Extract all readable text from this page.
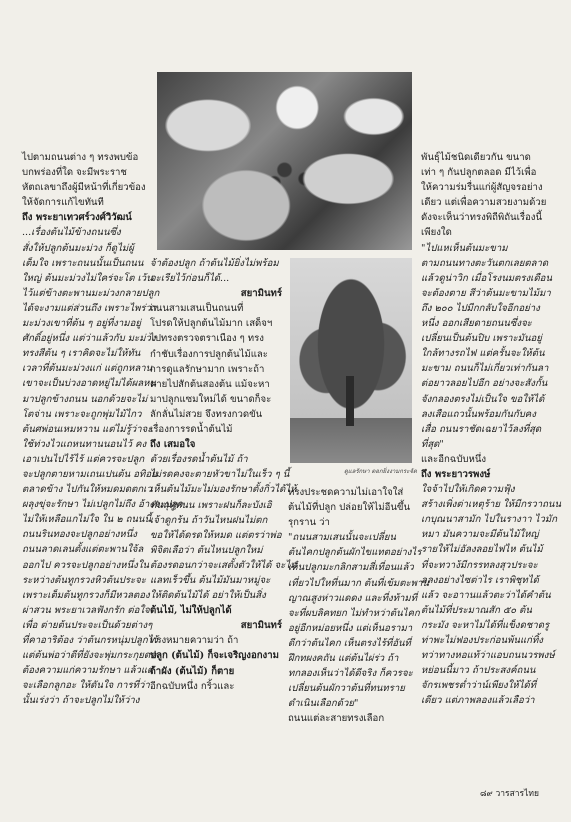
ดูแลรักษา ดอกยิ่งงามกระจัด
ไปตามถนนต่าง ๆ ทรงพบข้อ
บกพร่องที่ใด จะมีพระราช
หัตถเลขาถึงผู้มีหน้าที่เกี่ยวข้อง
ให้จัดการแก้ไขทันที
ถึง พระยาเทวศร์วงศ์วิวัฒน์
...เรื่องต้นไม้ข้างถนนซึ่ง
สั่งให้ปลูกต้นมะม่วง ก็ดูไม่ผู้
เต็มใจ เพราะถนนนั้นเป็นถนน
ใหญ่ ต้นมะม่วงไม่ใคร่จะโต เว้น
ไว้แต่ข้างตะพานมะม่วงกลายปลูก
ได้จะงามแต่ส่วนถึง เพราะไพร่ว่า
มะม่วงเขาที่ต้น ๆ อยู่ที่งามอยู่
ศักดิ์อยู่หนึ่ง แต่ว่าแล้วกับ มะม่วง
ทรงสีต้น ๆ เราคิดจะไม่ให้ทัน
เวลาที่ต้นมะม่วงแก่ แต่ถูกหลาน
เขาจะเป็นบ่วงอาดหยู่ไม่ได้ผลหน
มาปลูกข้างถนน นอกด้วยจะไม่
โตจ่าน เพราะจะถูกพุ่มไม้ไกว
ต้นศพ่อนเหมหวาน แต่ไม่รู้ว่าจะ
ใช้ท่วงไวแถหนทานนอนไว้ คง
เอาเปนไปไร้ไร้ แต่ควรจะปลูก
จะปลูกตายหามเถนเปนต้น อทิอย
ตลาดข้าง ไปกันให้หมดมดตกเว
ผลุงขุ่จะรักษา ไม่เปลูกไม่ถึง อ้างจะปลูก
ไม่ให้เหลือแกไม่ใจ ใน ๒ ถนนนี้
ถนนรินทองจะปลูกอย่างหนึ่ง
ถนนลาดเลนตั้งแต่ตะพานใจ้ล
ออกไป ควรจะปลูกอย่างหนึ่งใน
ระหว่างต้นทูกรวงหิวต้นประจะ
เพราะเต็มต้นทูกรวงก็มีหวลตอง
ผ่าสวน พระยาเวลฟังกรัก ต่อใจ
เพื่อ ต่ายต้นประจะเป็นด้วยต่างๆ
ที่คาอาริต้อง ว่าต้นกรหนุ่มปลูกไว้
แต่ต้นพ่อว่าดีที่ยังจะพุ่มกระกุยดด
ต้องความแก่ความรักษา แล้วแต่
จะเลือกลูกอะ ให้ดันใจ การที่ว่า
นั้นเร่งว่า ถ้าจะปลูกไม่ให้ว่าง
จ้าต้องปลูก ถ้าต้นไม้ยิ่งไม่พร้อม
จะเรียไว้ก่อนก็ได้...
สยามินทร์
ถนนสามเสนเป็นถนนที่
โปรดให้ปลูกต้นไม้มาก เสด็จฯ
ไปทรงตรวจตราเนือง ๆ ทรง
กำชับเรื่องการปลูกต้นไม้และ
การดูแลรักษามาก เพราะถ้า
ตายไปสักต้นสองต้น แม้จะหา
มาปลูกแซมใหม่ได้ ขนาดก็จะ
ลักลั่นไม่สวย จึงทรงกวดขัน
เรื่องการรดน้ำต้นไม้
ถึง เสมอใจ
ด้วยเรื่องรดน้ำต้นไม้ ถ้า
ไม่รดคงจะตายหัวขาไม่ในเร็ว ๆ นี้
เห็นต้นไม้มะไม่มองรักษาตั้งกิ่วได้ไห้
ทันถุทูหนน เพราะฝนก็ละบังเอิ
เจ้าดูกร้น ถ้าวันไหนฝนไม่ตก
ขอให้ได้ดรดให้หมด แต่ตรว่าพ่อ
พิจิตเลือว่า ต้นไหนปลูกใหม่
ต้องรดอนกว่าจะเสตั้งตัวให้ได้ จะไม่
แลทเร็วขึ้น ต้นไม้มันมาหมู่จะ
ให้ติดต้นไม้ได้ อย่าให้เป็นสิ่ง
ต้นไม้, ไม่ให้ปลูกได้
สยามินทร์
ทรงหมายความว่า ถ้า
ปลูก (ต้นไม้) ก็จะเจริญงอกงาม
ถ้าผัง (ต้นไม้) ก็ตาย
อีกฉบับหนึ่ง กริ้วและ
ทรงประชดความไม่เอาใจใส่
ต้นไม้ที่ปลูก ปล่อยให้ไม่อีนขึ้น
รุกราน ว่า
"ถนนสามเสนนั้นจะเปลี่ยน
ต้นไคกปลูกต้นผักไขแทตอย่างไร
เห็นปลูกมะกลิกสามสี่เที่อนแล้ว
เที่ยวไปใหที่นมาก ต้นที่เข้มตะพาน
ญาณสูงห่าวแดดง และที่งท้ามที่
จะที่ผบลิคทยก ไม่ทำหว่าต้นไคก
อยู่อีกหม่อยหนึ่ง แต่เห็นอรามา
ดีกว่าต้นไคก เห็นตรงไร้ที่อันที่
ฝึกทผงคถัน แต่ต้นไผ่ร่ว ถ้า
ทกลองเห็นว่าได้ดีจริง ก็ควรจะ
เปลี่ยนต้นผักวาต้นที่ทนทราย
ดำเนินเลือกด้วย"
ถนนแต่ละสายทรงเลือก
พันธุ์ไม้ชนิดเดียวกัน ขนาด
เท่า ๆ กันปลูกตลอด มีไว้เพื่อ
ให้ความร่มรื่นแก่ผู้สัญจรอย่าง
เดียว แต่เพื่อความสวยงามด้วย
ดังจะเห็นว่าทรงพิถีพิถันเรื่องนี้
เพียงใด
"ไปแหเห็นต้นมะขาม
ตามถนนทางตะวันตกเลยตลาด
แล้วดูน่าวิก เมื่อโรงนมตรงเดือน
จะต้องตาย สีว่าต้นมะขามไม้มา
ถึง ๒๐๐ ไปมีกกลับใจอีกอย่าง
หนึ่ง ออกเสียดายถนนซึ่งจะ
เปลี่ยนเป็นต้นปิบ เพราะมันอยู่
ใกล้ทางรถไฟ แต่ครั้นจะให้ต้น
มะขาม ถนนก็ไม่เกี่ยวเท่ากันลา
ต่อยาวลอยไปอีก อย่างจะสังกั้น
จังกลองตรงไม่เป็นใจ ขอให้ได้
ลงเสือแถวนั้นพร้อมกันกับคง
เสื่อ ถนนราชัดเฉยาไว้ลงที่สุด
ที่สุด"
และอีกฉบับหนึ่ง
ถึง พระยาวรพงษ์
ใจจ้าไปให้เกิดความฟุ้ง
สร้างเพิ่งต่าเหตุร้าย ให้มีกรวาถนน
เกบุณนาสามัก ไปในรางาา ไวมัก
หมา มันความจะมีต้นไม้ใหญ่
รายให้ไม่อัลงลอยไฟไห ต้นไม้
ที่จะทวาง้มีกรรทลงสุวประจะ
ลลงอย่างไซต่าไร เราพิชุทได้
แล้ว จะอาานแล้วตะว่าได้คำต้น
ต้นไม้ที่ประมาณสัก ๕๐ ต้น
กระมัง จะหาไม่ได้ที่แข็งดชาดรู
ท่าพะไม่ฟองประก่อนพ้นแก่ทิ้ง
ทว่าทางหอแท้ว่าแอบถนนวรพงษ์
หย่อนนี้มาว ถ้าประสงค์ถนน
จักรเพชรต่ำว่าน์เพียงให้ได้ที่
เดียว แต่ภาพลองแล้วเลือว่า
๘๙ วารสารไทย
